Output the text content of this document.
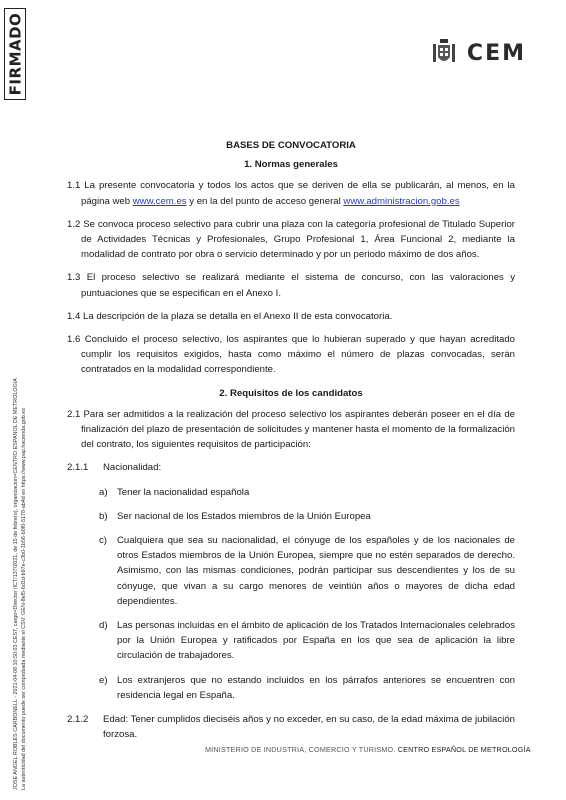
FIRMADO
JOSE ANGEL ROBLES CARBONELL - 2021-04-08 10:50:03 CEST, cargo=Director (ICT/137/2021, de 15 de febrero), organizacion=CENTRO ESPAÑOL DE METROLOGIA La autenticidad del documento puede ser comprobada mediante el CSV: GEN-8ef5-6d1d-b97e-c3b0-1b56-b0f0-5178-ab4d en https://www.pap.hacienda.gob.es
CEM
BASES DE CONVOCATORIA
1. Normas generales
1.1 La presente convocatoria y todos los actos que se deriven de ella se publicarán, al menos, en la página web www.cem.es y en la del punto de acceso general www.administracion.gob.es
1.2 Se convoca proceso selectivo para cubrir una plaza con la categoría profesional de Titulado Superior de Actividades Técnicas y Profesionales, Grupo Profesional 1, Área Funcional 2, mediante la modalidad de contrato por obra o servicio determinado y por un periodo máximo de dos años.
1.3 El proceso selectivo se realizará mediante el sistema de concurso, con las valoraciones y puntuaciones que se especifican en el Anexo I.
1.4 La descripción de la plaza se detalla en el Anexo II de esta convocatoria.
1.6 Concluido el proceso selectivo, los aspirantes que lo hubieran superado y que hayan acreditado cumplir los requisitos exigidos, hasta como máximo el número de plazas convocadas, serán contratados en la modalidad correspondiente.
2. Requisitos de los candidatos
2.1 Para ser admitidos a la realización del proceso selectivo los aspirantes deberán poseer en el día de finalización del plazo de presentación de solicitudes y mantener hasta el momento de la formalización del contrato, los siguientes requisitos de participación:
2.1.1	Nacionalidad:
a) Tener la nacionalidad española
b) Ser nacional de los Estados miembros de la Unión Europea
c)	Cualquiera que sea su nacionalidad, el cónyuge de los españoles y de los nacionales de otros Estados miembros de la Unión Europea, siempre que no estén separados de derecho. Asimismo, con las mismas condiciones, podrán participar sus descendientes y los de su cónyuge, que vivan a su cargo menores de veintiún años o mayores de dicha edad dependientes.
d) Las personas incluidas en el ámbito de aplicación de los Tratados Internacionales celebrados por la Unión Europea y ratificados por España en los que sea de aplicación la libre circulación de trabajadores.
e) Los extranjeros que no estando incluidos en los párrafos anteriores se encuentren con residencia legal en España.
2.1.2	Edad: Tener cumplidos dieciséis años y no exceder, en su caso, de la edad máxima de jubilación forzosa.
MINISTERIO DE INDUSTRIA, COMERCIO Y TURISMO. CENTRO ESPAÑOL DE METROLOGÍA
